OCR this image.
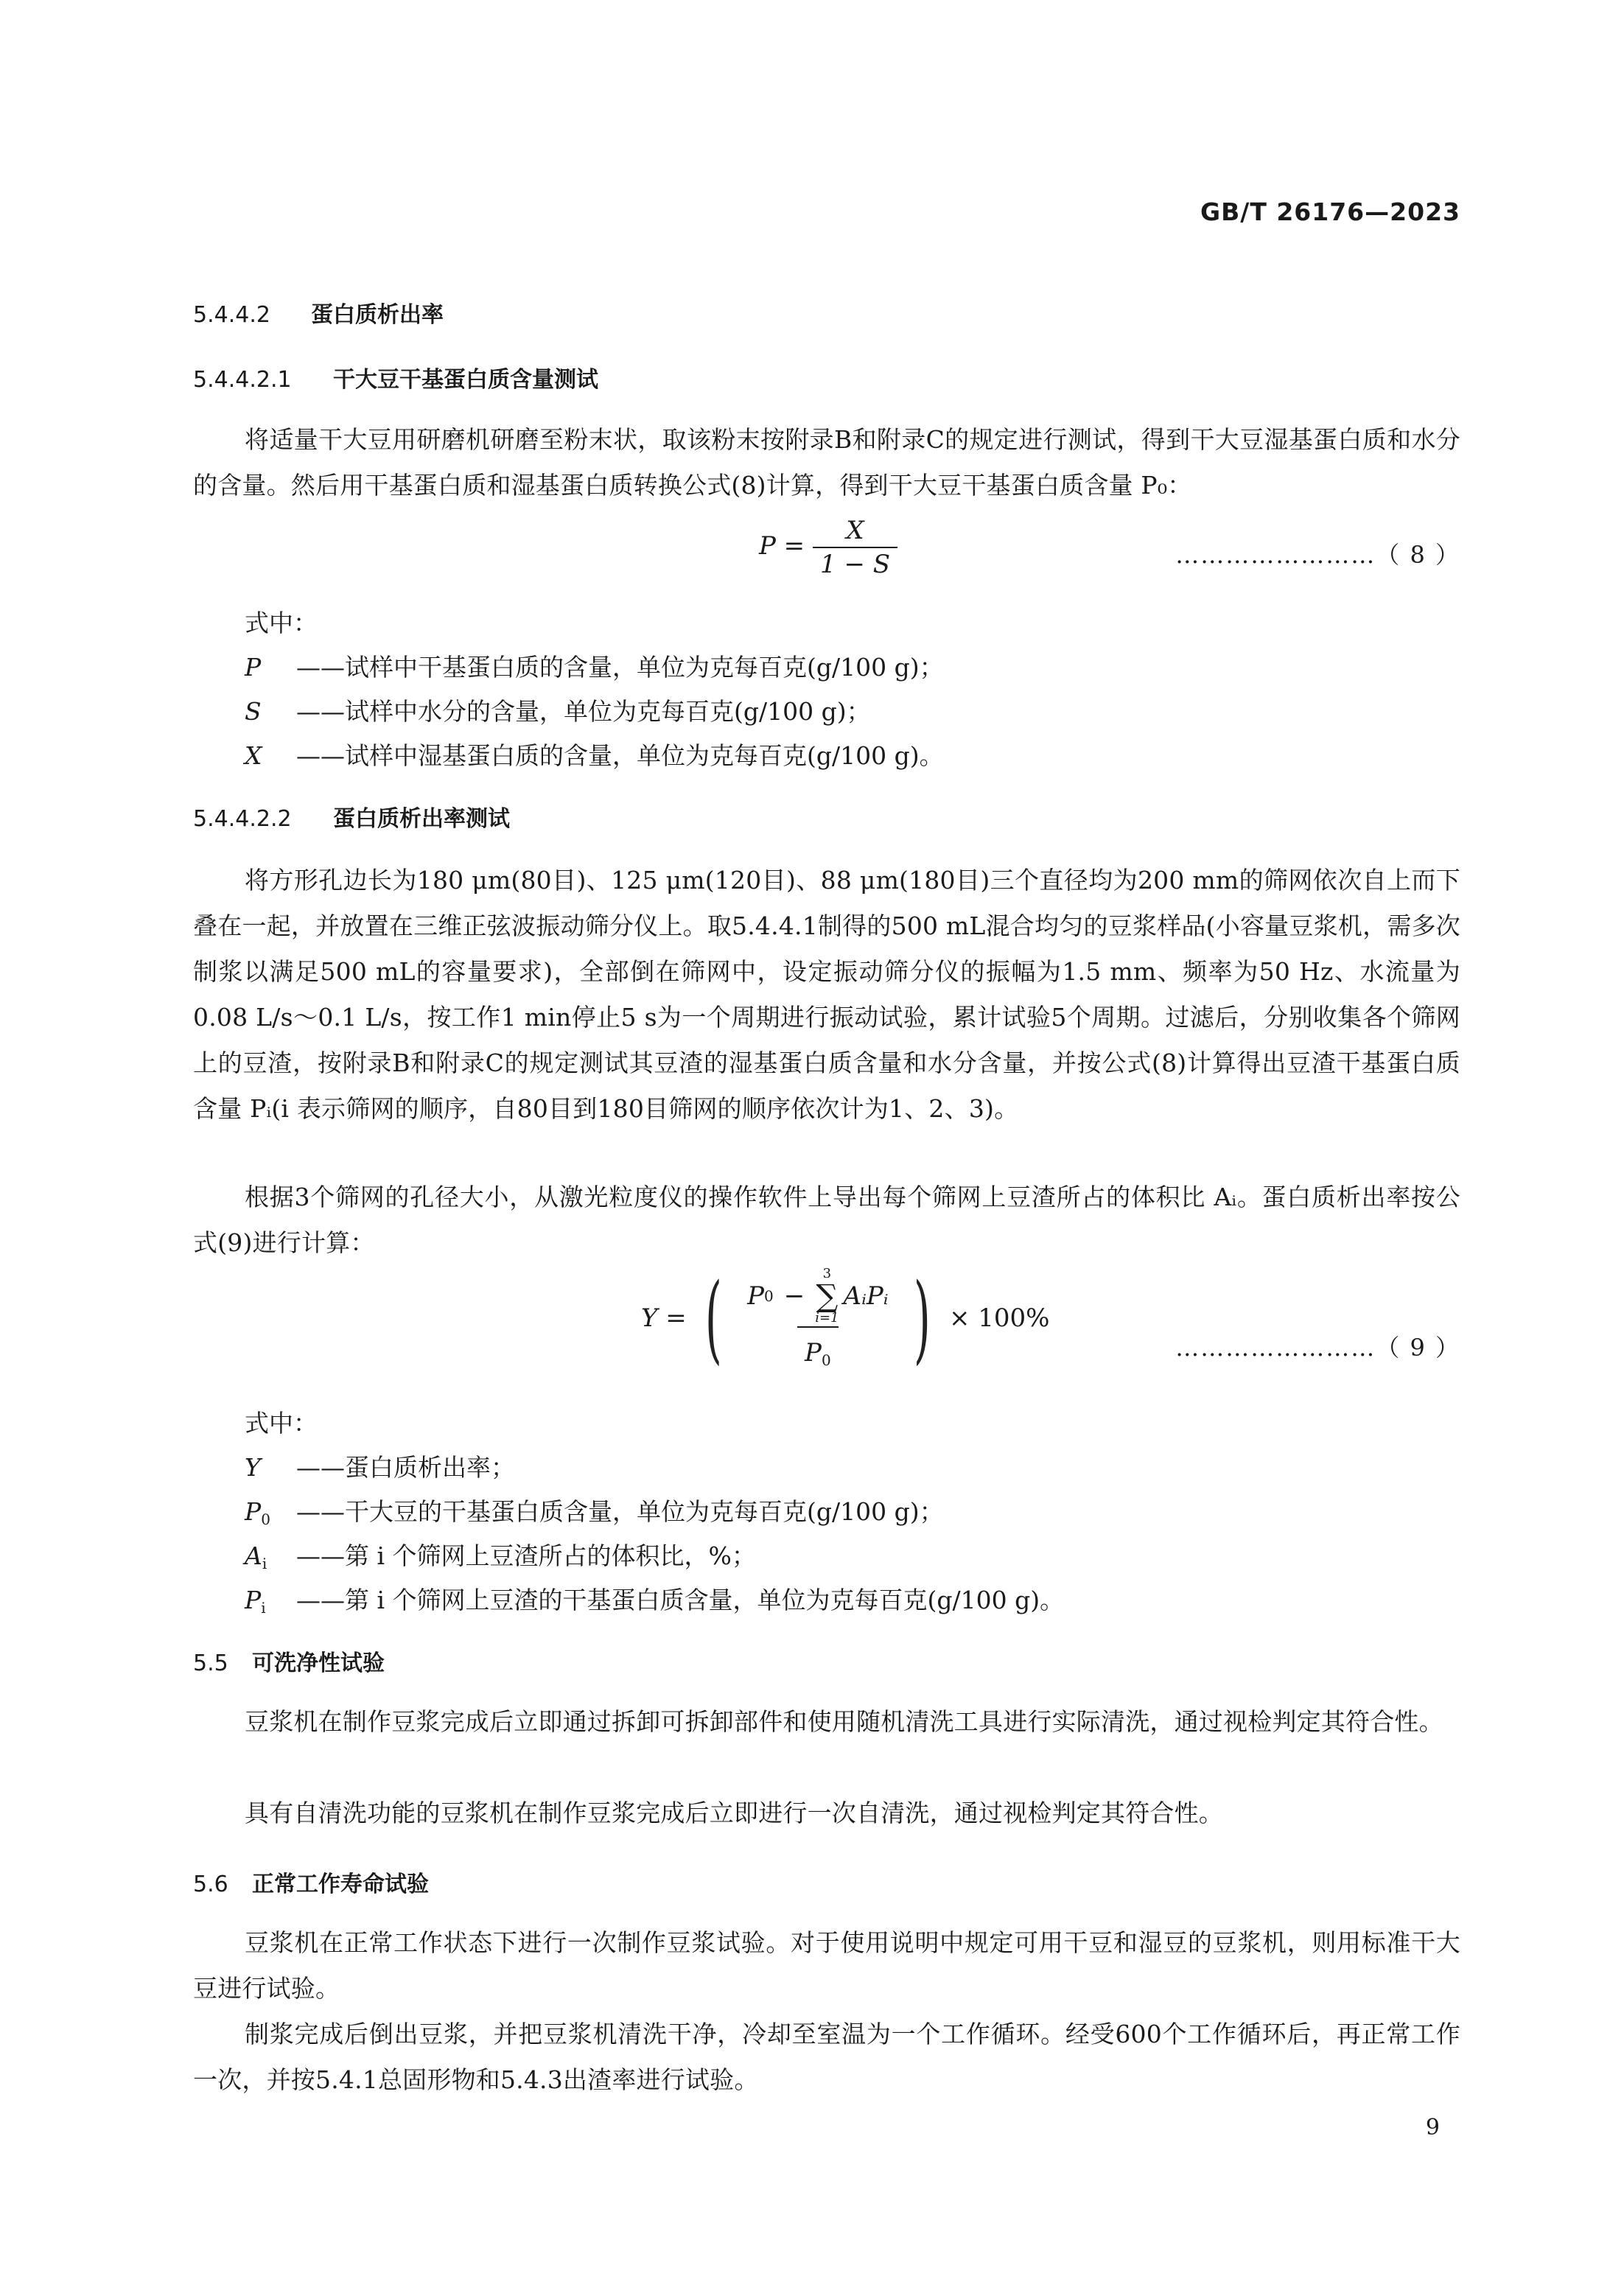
GB/T 26176—2023
5.4.4.2 蛋白质析出率
5.4.4.2.1 干大豆干基蛋白质含量测试

将适量干大豆用研磨机研磨至粉末状，取该粉末按附录B和附录C的规定进行测试，得到干大豆湿基蛋白质和水分的含量。然后用干基蛋白质和湿基蛋白质转换公式(8)计算，得到干大豆干基蛋白质含量 P₀：

$P = \frac{X}{1 - S}$	……………………（ 8 ）
式中：
P ——试样中干基蛋白质的含量，单位为克每百克(g/100 g)；
S ——试样中水分的含量，单位为克每百克(g/100 g)；
X ——试样中湿基蛋白质的含量，单位为克每百克(g/100 g)。
5.4.4.2.2 蛋白质析出率测试

将方形孔边长为180 μm(80目)、125 μm(120目)、88 μm(180目)三个直径均为200 mm的筛网依次自上而下叠在一起，并放置在三维正弦波振动筛分仪上。取5.4.4.1制得的500 mL混合均匀的豆浆样品(小容量豆浆机，需多次制浆以满足500 mL的容量要求)，全部倒在筛网中，设定振动筛分仪的振幅为1.5 mm、频率为50 Hz、水流量为0.08 L/s～0.1 L/s，按工作1 min停止5 s为一个周期进行振动试验，累计试验5个周期。过滤后，分别收集各个筛网上的豆渣，按附录B和附录C的规定测试其豆渣的湿基蛋白质含量和水分含量，并按公式(8)计算得出豆渣干基蛋白质含量 Pᵢ(i 表示筛网的顺序，自80目到180目筛网的顺序依次计为1、2、3)。

根据3个筛网的孔径大小，从激光粒度仪的操作软件上导出每个筛网上豆渣所占的体积比 Aᵢ。蛋白质析出率按公式(9)进行计算：

Y = ( P 0 −
3
∑
i=1
AᵢPᵢ
$P_0$ ) × 100%
……………………（ 9 ）
式中：
Y ——蛋白质析出率；
$P_0$ ——干大豆的干基蛋白质含量，单位为克每百克(g/100 g)；
$A_i$ ——第 i 个筛网上豆渣所占的体积比，%；
$P_i$ ——第 i 个筛网上豆渣的干基蛋白质含量，单位为克每百克(g/100 g)。
5.5 可洗净性试验

豆浆机在制作豆浆完成后立即通过拆卸可拆卸部件和使用随机清洗工具进行实际清洗，通过视检判定其符合性。

具有自清洗功能的豆浆机在制作豆浆完成后立即进行一次自清洗，通过视检判定其符合性。

5.6 正常工作寿命试验

豆浆机在正常工作状态下进行一次制作豆浆试验。对于使用说明中规定可用干豆和湿豆的豆浆机，则用标准干大豆进行试验。

制浆完成后倒出豆浆，并把豆浆机清洗干净，冷却至室温为一个工作循环。经受600个工作循环后，再正常工作一次，并按5.4.1总固形物和5.4.3出渣率进行试验。

9
